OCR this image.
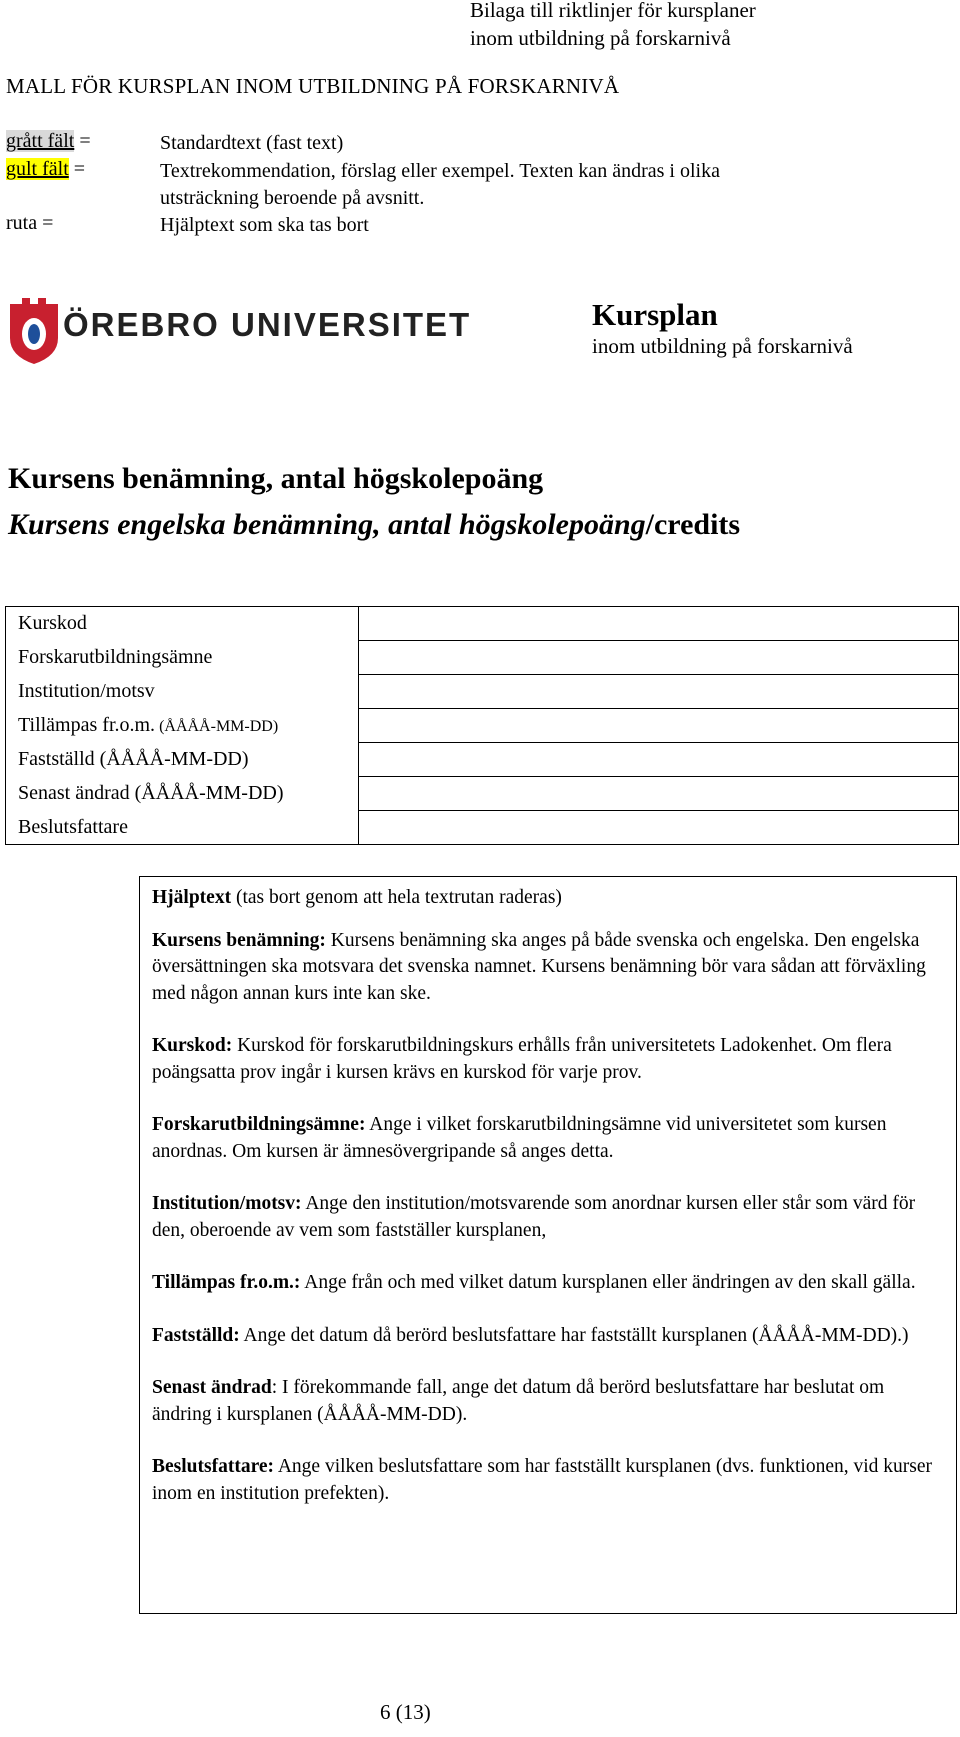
Bilaga till riktlinjer för kursplaner
inom utbildning på forskarnivå
MALL FÖR KURSPLAN INOM UTBILDNING PÅ FORSKARNIVÅ
grått fält =	Standardtext (fast text)
gult fält =	Textrekommendation, förslag eller exempel. Texten kan ändras i olika
utsträckning beroende på avsnitt.
ruta =	Hjälptext som ska tas bort
ÖREBRO UNIVERSITET	Kursplan
inom utbildning på forskarnivå
Kursens benämning, antal högskolepoäng
Kursens engelska benämning, antal högskolepoäng/credits
Kurskod	
Forskarutbildningsämne	
Institution/motsv	
Tillämpas fr.o.m. (ÅÅÅÅ-MM-DD)	
Fastställd (ÅÅÅÅ-MM-DD)	
Senast ändrad (ÅÅÅÅ-MM-DD)	
Beslutsfattare	

Hjälptext (tas bort genom att hela textrutan raderas)

Kursens benämning: Kursens benämning ska anges på både svenska och engelska. Den engelska översättningen ska motsvara det svenska namnet. Kursens benämning bör vara sådan att förväxling med någon annan kurs inte kan ske.

Kurskod: Kurskod för forskarutbildningskurs erhålls från universitetets Ladokenhet. Om flera poängsatta prov ingår i kursen krävs en kurskod för varje prov.

Forskarutbildningsämne: Ange i vilket forskarutbildningsämne vid universitetet som kursen anordnas. Om kursen är ämnesövergripande så anges detta.

Institution/motsv: Ange den institution/motsvarende som anordnar kursen eller står som värd för den, oberoende av vem som fastställer kursplanen,

Tillämpas fr.o.m.: Ange från och med vilket datum kursplanen eller ändringen av den skall gälla.

Fastställd: Ange det datum då berörd beslutsfattare har fastställt kursplanen (ÅÅÅÅ-MM-DD).)

Senast ändrad: I förekommande fall, ange det datum då berörd beslutsfattare har beslutat om ändring i kursplanen (ÅÅÅÅ-MM-DD).

Beslutsfattare: Ange vilken beslutsfattare som har fastställt kursplanen (dvs. funktionen, vid kurser inom en institution prefekten).

6 (13)
